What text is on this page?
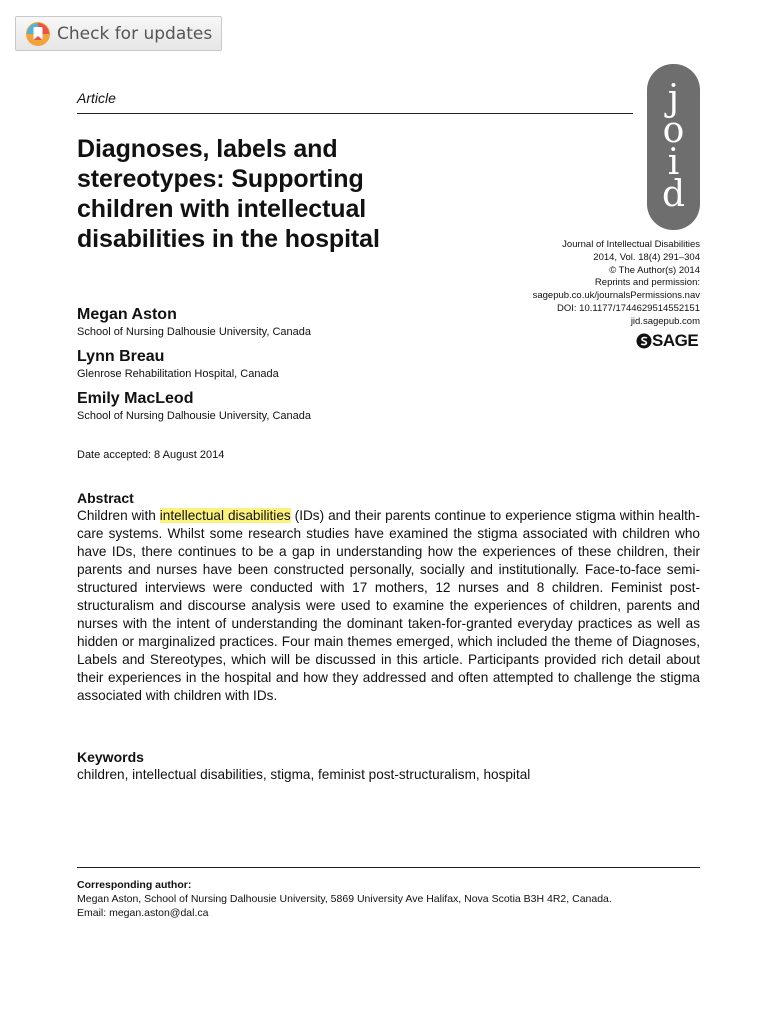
Check for updates
Article	j
o
i
d
Diagnoses, labels and stereotypes: Supporting children with intellectual disabilities in the hospital	Journal of Intellectual Disabilities
2014, Vol. 18(4) 291–304
© The Author(s) 2014
Reprints and permission:
sagepub.co.uk/journalsPermissions.nav
DOI: 10.1177/1744629514552151
jid.sagepub.com
SAGE
Megan Aston
School of Nursing Dalhousie University, Canada
Lynn Breau
Glenrose Rehabilitation Hospital, Canada
Emily MacLeod
School of Nursing Dalhousie University, Canada
Date accepted: 8 August 2014
Abstract

Children with intellectual disabilities (IDs) and their parents continue to experience stigma within health-care systems. Whilst some research studies have examined the stigma associated with children who have IDs, there continues to be a gap in understanding how the experiences of these children, their parents and nurses have been constructed personally, socially and institutionally. Face-to-face semi-structured interviews were conducted with 17 mothers, 12 nurses and 8 children. Feminist post-structuralism and discourse analysis were used to examine the experiences of children, parents and nurses with the intent of understanding the dominant taken-for-granted everyday practices as well as hidden or marginalized practices. Four main themes emerged, which included the theme of Diagnoses, Labels and Stereotypes, which will be discussed in this article. Participants provided rich detail about their experiences in the hospital and how they addressed and often attempted to challenge the stigma associated with children with IDs.

Keywords
children, intellectual disabilities, stigma, feminist post-structuralism, hospital
Corresponding author:
Megan Aston, School of Nursing Dalhousie University, 5869 University Ave Halifax, Nova Scotia B3H 4R2, Canada.
Email: megan.aston@dal.ca
